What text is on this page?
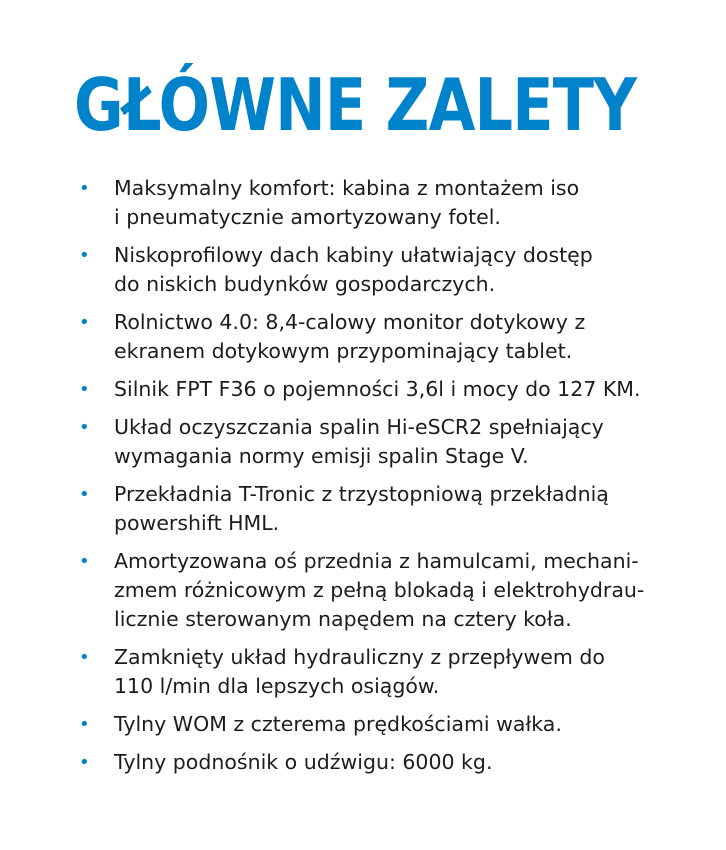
GŁÓWNE ZALETY
• Maksymalny komfort: kabina z montażem iso
i pneumatycznie amortyzowany fotel.
• Niskoprofilowy dach kabiny ułatwiający dostęp
do niskich budynków gospodarczych.
• Rolnictwo 4.0: 8,4-calowy monitor dotykowy z
ekranem dotykowym przypominający tablet.
• Silnik FPT F36 o pojemności 3,6l i mocy do 127 KM.
• Układ oczyszczania spalin Hi-eSCR2 spełniający
wymagania normy emisji spalin Stage V.
• Przekładnia T-Tronic z trzystopniową przekładnią
powershift HML.
• Amortyzowana oś przednia z hamulcami, mechani-
zmem różnicowym z pełną blokadą i elektrohydrau-
licznie sterowanym napędem na cztery koła.
• Zamknięty układ hydrauliczny z przepływem do
110 l/min dla lepszych osiągów.
• Tylny WOM z czterema prędkościami wałka.
• Tylny podnośnik o udźwigu: 6000 kg.
